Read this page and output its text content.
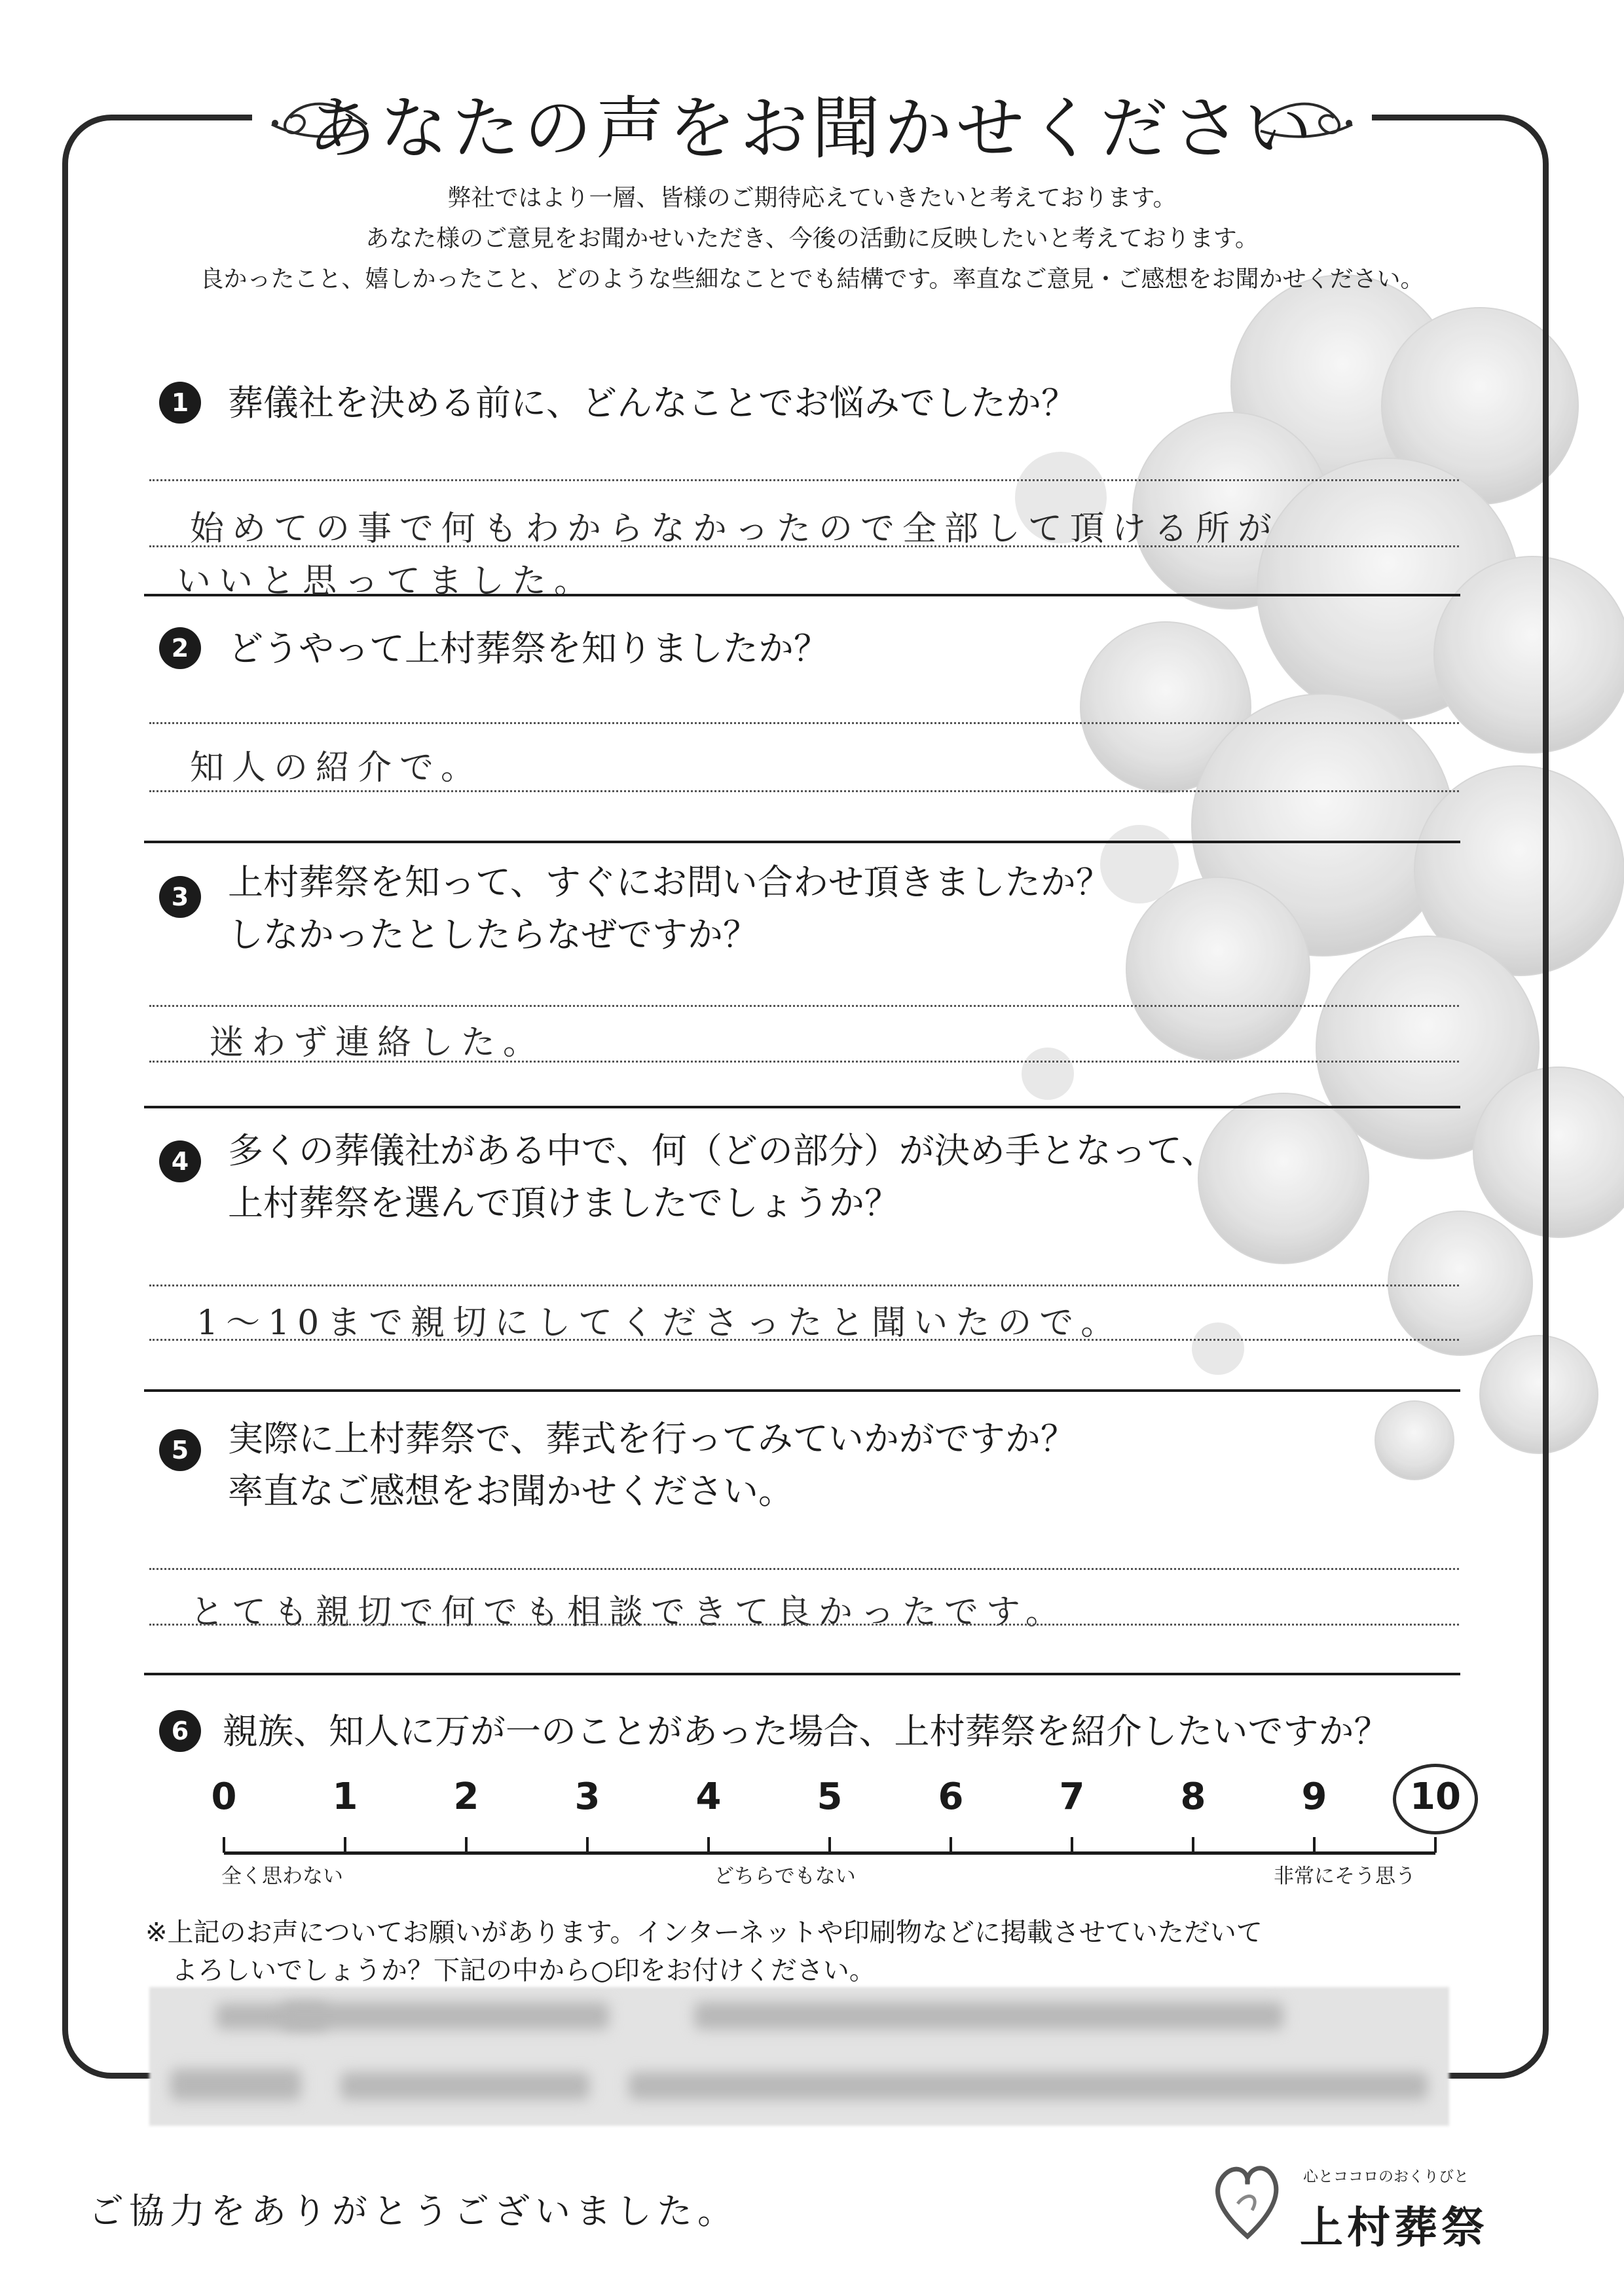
あなたの声をお聞かせください
弊社ではより一層、皆様のご期待応えていきたいと考えております。
あなた様のご意見をお聞かせいただき、今後の活動に反映したいと考えております。
良かったこと、嬉しかったこと、どのような些細なことでも結構です。率直なご意見・ご感想をお聞かせください。
1	葬儀社を決める前に、どんなことでお悩みでしたか？
始めての事で何もわからなかったので全部して頂ける所が
いいと思ってました。
2	どうやって上村葬祭を知りましたか？
知人の紹介で。
3	上村葬祭を知って、すぐにお問い合わせ頂きましたか？
しなかったとしたらなぜですか？
迷わず連絡した。
4	多くの葬儀社がある中で、何（どの部分）が決め手となって、
上村葬祭を選んで頂けましたでしょうか？
1〜10まで親切にしてくださったと聞いたので。
5	実際に上村葬祭で、葬式を行ってみていかがですか？
率直なご感想をお聞かせください。
とても親切で何でも相談できて良かったです。
6 親族、知人に万が一のことがあった場合、上村葬祭を紹介したいですか？
0	1	2	3	4	5	6	7	8	9	10
全く思わない	どちらでもない	非常にそう思う
※上記のお声についてお願いがあります。インターネットや印刷物などに掲載させていただいて
よろしいでしょうか？下記の中から○印をお付けください。
ご協力をありがとうございました。
心とココロのおくりびと
上村葬祭
